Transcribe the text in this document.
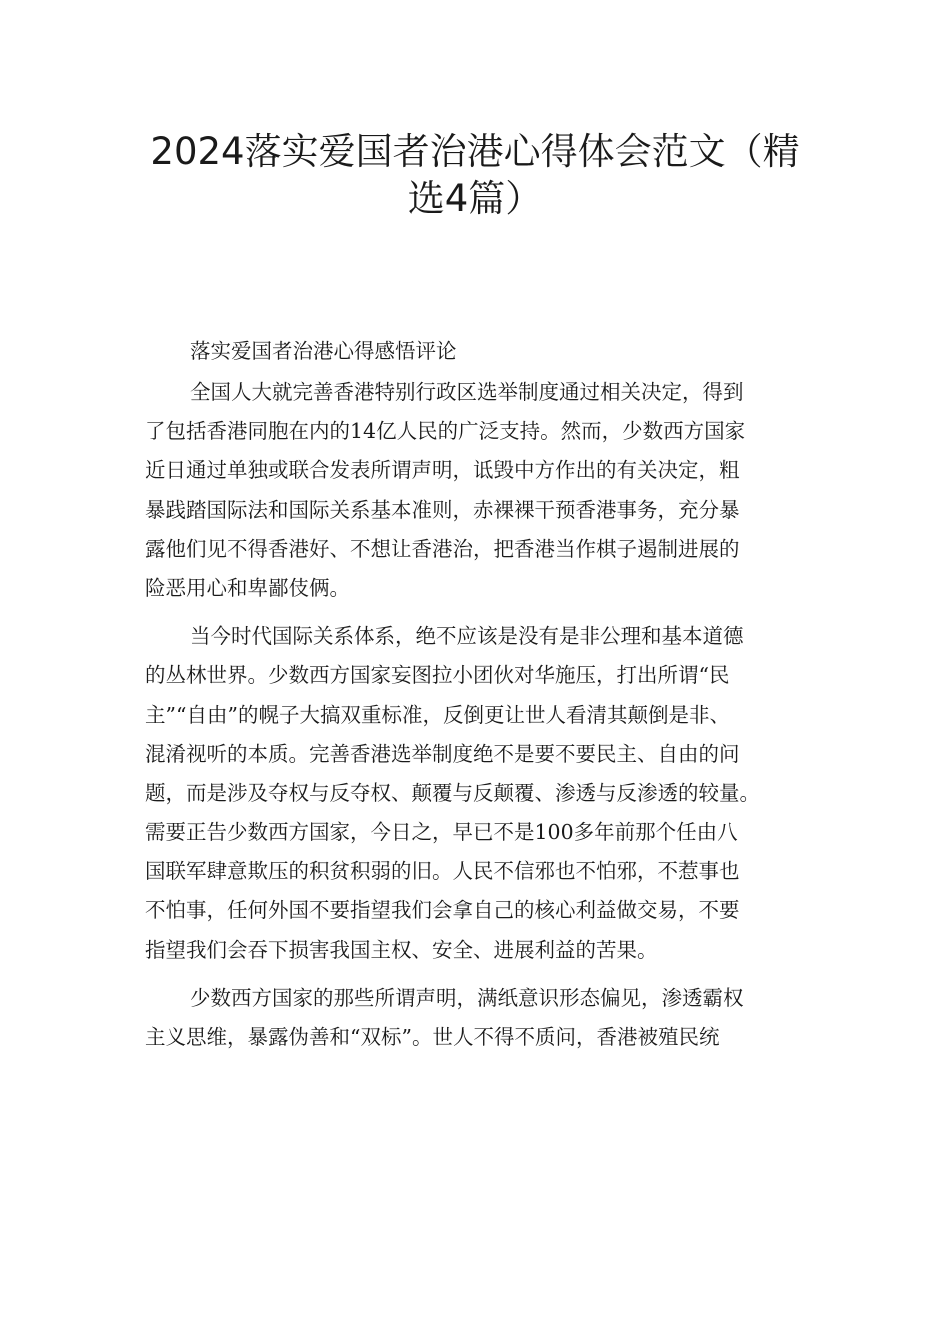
2024落实爱国者治港心得体会范文（精
选4篇）
落实爱国者治港心得感悟评论
全国人大就完善香港特别行政区选举制度通过相关决定，得到
了包括香港同胞在内的14亿人民的广泛支持。然而，少数西方国家
近日通过单独或联合发表所谓声明，诋毁中方作出的有关决定，粗
暴践踏国际法和国际关系基本准则，赤裸裸干预香港事务，充分暴
露他们见不得香港好、不想让香港治，把香港当作棋子遏制进展的
险恶用心和卑鄙伎俩。
当今时代国际关系体系，绝不应该是没有是非公理和基本道德
的丛林世界。少数西方国家妄图拉小团伙对华施压，打出所谓“民
主”“自由”的幌子大搞双重标准，反倒更让世人看清其颠倒是非、
混淆视听的本质。完善香港选举制度绝不是要不要民主、自由的问
题，而是涉及夺权与反夺权、颠覆与反颠覆、渗透与反渗透的较量。
需要正告少数西方国家，今日之，早已不是100多年前那个任由八
国联军肆意欺压的积贫积弱的旧。人民不信邪也不怕邪，不惹事也
不怕事，任何外国不要指望我们会拿自己的核心利益做交易，不要
指望我们会吞下损害我国主权、安全、进展利益的苦果。
少数西方国家的那些所谓声明，满纸意识形态偏见，渗透霸权
主义思维，暴露伪善和“双标”。世人不得不质问，香港被殖民统
